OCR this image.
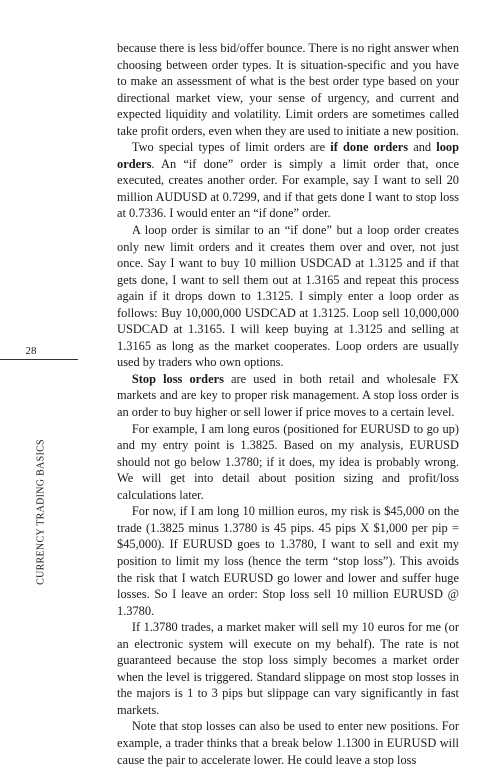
because there is less bid/offer bounce. There is no right answer when choosing between order types. It is situation-specific and you have to make an assessment of what is the best order type based on your directional market view, your sense of urgency, and current and expected liquidity and volatility. Limit orders are sometimes called take profit orders, even when they are used to initiate a new position.

Two special types of limit orders are if done orders and loop orders. An “if done” order is simply a limit order that, once executed, creates another order. For example, say I want to sell 20 million AUDUSD at 0.7299, and if that gets done I want to stop loss at 0.7336. I would enter an “if done” order.

A loop order is similar to an “if done” but a loop order creates only new limit orders and it creates them over and over, not just once. Say I want to buy 10 million USDCAD at 1.3125 and if that gets done, I want to sell them out at 1.3165 and repeat this process again if it drops down to 1.3125. I simply enter a loop order as follows: Buy 10,000,000 USDCAD at 1.3125. Loop sell 10,000,000 USDCAD at 1.3165. I will keep buying at 1.3125 and selling at 1.3165 as long as the market cooperates. Loop orders are usually used by traders who own options.

Stop loss orders are used in both retail and wholesale FX markets and are key to proper risk management. A stop loss order is an order to buy higher or sell lower if price moves to a certain level.

For example, I am long euros (positioned for EURUSD to go up) and my entry point is 1.3825. Based on my analysis, EURUSD should not go below 1.3780; if it does, my idea is probably wrong. We will get into detail about position sizing and profit/loss calculations later.

For now, if I am long 10 million euros, my risk is $45,000 on the trade (1.3825 minus 1.3780 is 45 pips. 45 pips X $1,000 per pip = $45,000). If EURUSD goes to 1.3780, I want to sell and exit my position to limit my loss (hence the term “stop loss”). This avoids the risk that I watch EURUSD go lower and lower and suffer huge losses. So I leave an order: Stop loss sell 10 million EURUSD @ 1.3780.

If 1.3780 trades, a market maker will sell my 10 euros for me (or an electronic system will execute on my behalf). The rate is not guaranteed because the stop loss simply becomes a market order when the level is triggered. Standard slippage on most stop losses in the majors is 1 to 3 pips but slippage can vary significantly in fast markets.

Note that stop losses can also be used to enter new positions. For example, a trader thinks that a break below 1.1300 in EURUSD will cause the pair to accelerate lower. He could leave a stop loss

28
CURRENCY TRADING BASICS
